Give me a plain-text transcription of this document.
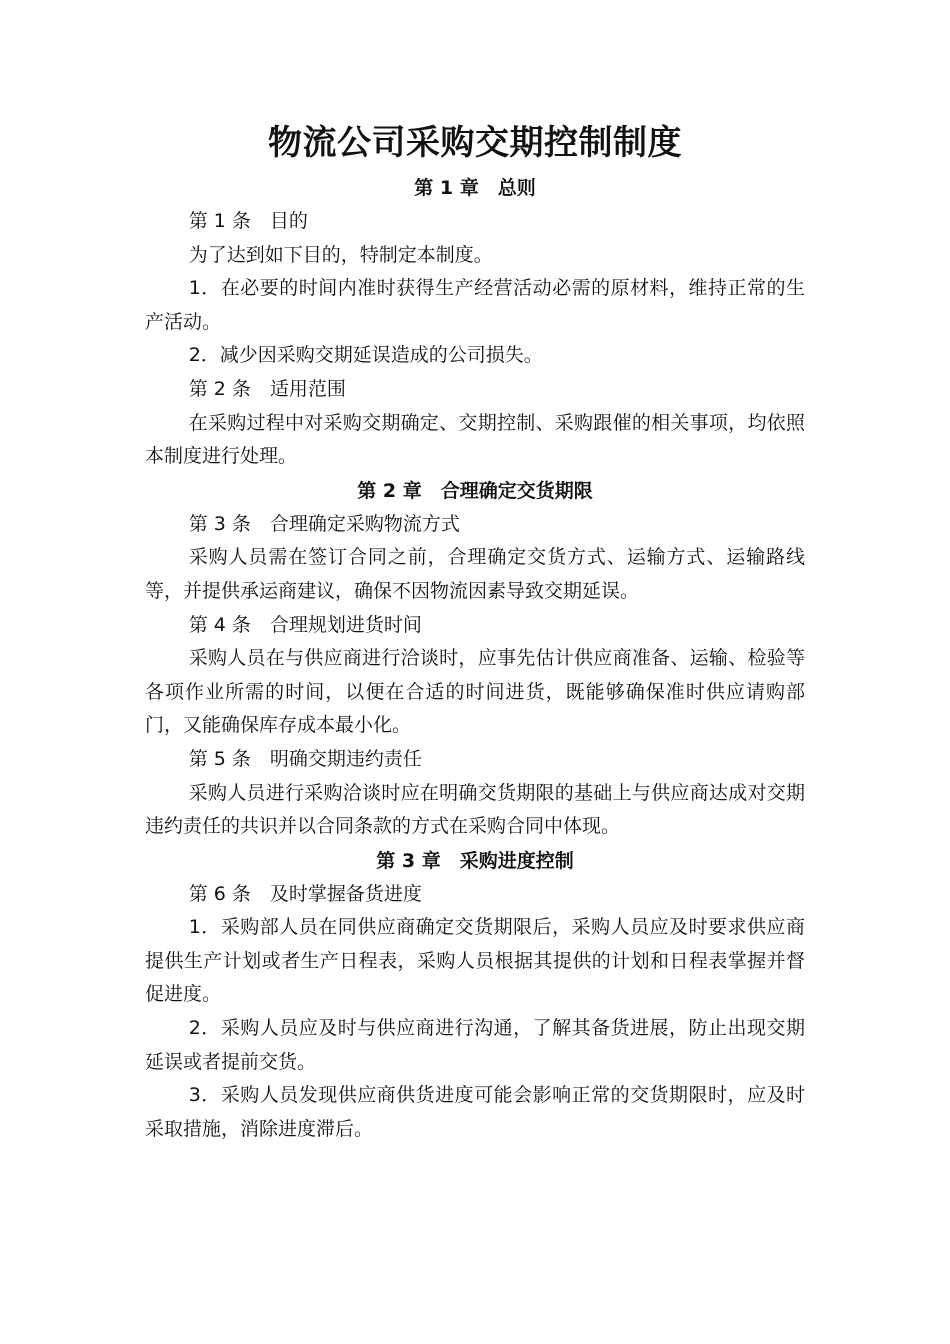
物流公司采购交期控制制度
第 1 章　总则

第 1 条　目的

为了达到如下目的，特制定本制度。

1．在必要的时间内准时获得生产经营活动必需的原材料，维持正常的生产活动。

2．减少因采购交期延误造成的公司损失。

第 2 条　适用范围

在采购过程中对采购交期确定、交期控制、采购跟催的相关事项，均依照本制度进行处理。

第 2 章　合理确定交货期限

第 3 条　合理确定采购物流方式

采购人员需在签订合同之前，合理确定交货方式、运输方式、运输路线等，并提供承运商建议，确保不因物流因素导致交期延误。

第 4 条　合理规划进货时间

采购人员在与供应商进行洽谈时，应事先估计供应商准备、运输、检验等各项作业所需的时间，以便在合适的时间进货，既能够确保准时供应请购部门，又能确保库存成本最小化。

第 5 条　明确交期违约责任

采购人员进行采购洽谈时应在明确交货期限的基础上与供应商达成对交期违约责任的共识并以合同条款的方式在采购合同中体现。

第 3 章　采购进度控制

第 6 条　及时掌握备货进度

1．采购部人员在同供应商确定交货期限后，采购人员应及时要求供应商提供生产计划或者生产日程表，采购人员根据其提供的计划和日程表掌握并督促进度。

2．采购人员应及时与供应商进行沟通，了解其备货进展，防止出现交期延误或者提前交货。

3．采购人员发现供应商供货进度可能会影响正常的交货期限时，应及时采取措施，消除进度滞后。
